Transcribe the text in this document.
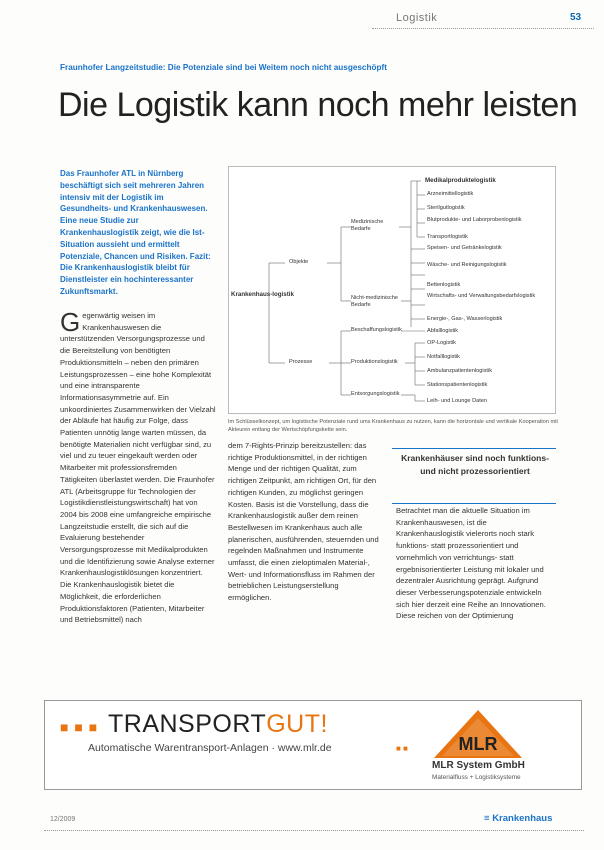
Logistik	53
Fraunhofer Langzeitstudie: Die Potenziale sind bei Weitem noch nicht ausgeschöpft
Die Logistik kann noch mehr leisten
Das Fraunhofer ATL in Nürnberg beschäftigt sich seit mehreren Jahren intensiv mit der Logistik im Gesundheits- und Krankenhauswesen. Eine neue Studie zur Krankenhauslogistik zeigt, wie die Ist-Situation aussieht und ermittelt Potenziale, Chancen und Risiken. Fazit: Die Krankenhauslogistik bleibt für Dienstleister ein hochinteressanter Zukunftsmarkt.
Gegenwärtig weisen im Krankenhauswesen die unterstützenden Versorgungsprozesse und die Bereitstellung von benötigten Produktionsmitteln – neben den primären Leistungsprozessen – eine hohe Komplexität und eine intransparente Informationsasymmetrie auf. Ein unkoordiniertes Zusammenwirken der Vielzahl der Abläufe hat häufig zur Folge, dass Patienten unnötig lange warten müssen, da benötigte Materialien nicht verfügbar sind, zu viel und zu teuer eingekauft werden oder Mitarbeiter mit professionsfremden Tätigkeiten überlastet werden. Die Fraunhofer ATL (Arbeitsgruppe für Technologien der Logistikdienstleistungswirtschaft) hat von 2004 bis 2008 eine umfangreiche empirische Langzeitstudie erstellt, die sich auf die Evaluierung bestehender Versorgungsprozesse mit Medikalprodukten und die Identifizierung sowie Analyse externer Krankenhauslogistiklösungen konzentriert. Die Krankenhauslogistik bietet die Möglichkeit, die erforderlichen Produktionsfaktoren (Patienten, Mitarbeiter und Betriebsmittel) nach
Krankenhaus-logistik
Objekte
Prozesse
Medizinische Bedarfe
Nicht-medizinische Bedarfe
Beschaffungslogistik
Produktionslogistik
Entsorgungslogistik
Medikalproduktelogistik
Arzneimittellogistik
Sterilgutlogistik
Blutprodukte- und Laborprobenlogistik
Transportlogistik
Speisen- und Getränkelogistik
Wäsche- und Reinigungslogistik
Bettenlogistik
Wirtschafts- und Verwaltungsbedarfslogistik
Energie-, Gas-, Wasserlogistik
Abfalllogistik
OP-Logistik
Notfalllogistik
Ambulanzpatientenlogistik
Stationspatientenlogistik
Leih- und Lounge Daten
Im Schlüsselkonzept, um logistische Potenziale rund ums Krankenhaus zu nutzen, kann die horizontale und vertikale Kooperation mit Akteuren entlang der Wertschöpfungskette sein.
dem 7-Rights-Prinzip bereitzustellen: das richtige Produktionsmittel, in der richtigen Menge und der richtigen Qualität, zum richtigen Zeitpunkt, am richtigen Ort, für den richtigen Kunden, zu möglichst geringen Kosten. Basis ist die Vorstellung, dass die Krankenhauslogistik außer dem reinen Bestellwesen im Krankenhaus auch alle planerischen, ausführenden, steuernden und regelnden Maßnahmen und Instrumente umfasst, die einen zieloptimalen Material-, Wert- und Informationsfluss im Rahmen der betrieblichen Leistungserstellung ermöglichen.
Krankenhäuser sind noch funktions- und nicht prozessorientiert
Betrachtet man die aktuelle Situation im Krankenhauswesen, ist die Krankenhauslogistik vielerorts noch stark funktions- statt prozessorientiert und vornehmlich von verrichtungs- statt ergebnisorientierter Leistung mit lokaler und dezentraler Ausrichtung geprägt. Aufgrund dieser Verbesserungspotenziale entwickeln sich hier derzeit eine Reihe an Innovationen. Diese reichen von der Optimierung
■ ■ ■ TRANSPORTGUT!
Automatische Warentransport-Anlagen · www.mlr.de	■ ■	MLR
MLR System GmbH
Materialfluss + Logistiksysteme
12/2009	≡ Krankenhaus
